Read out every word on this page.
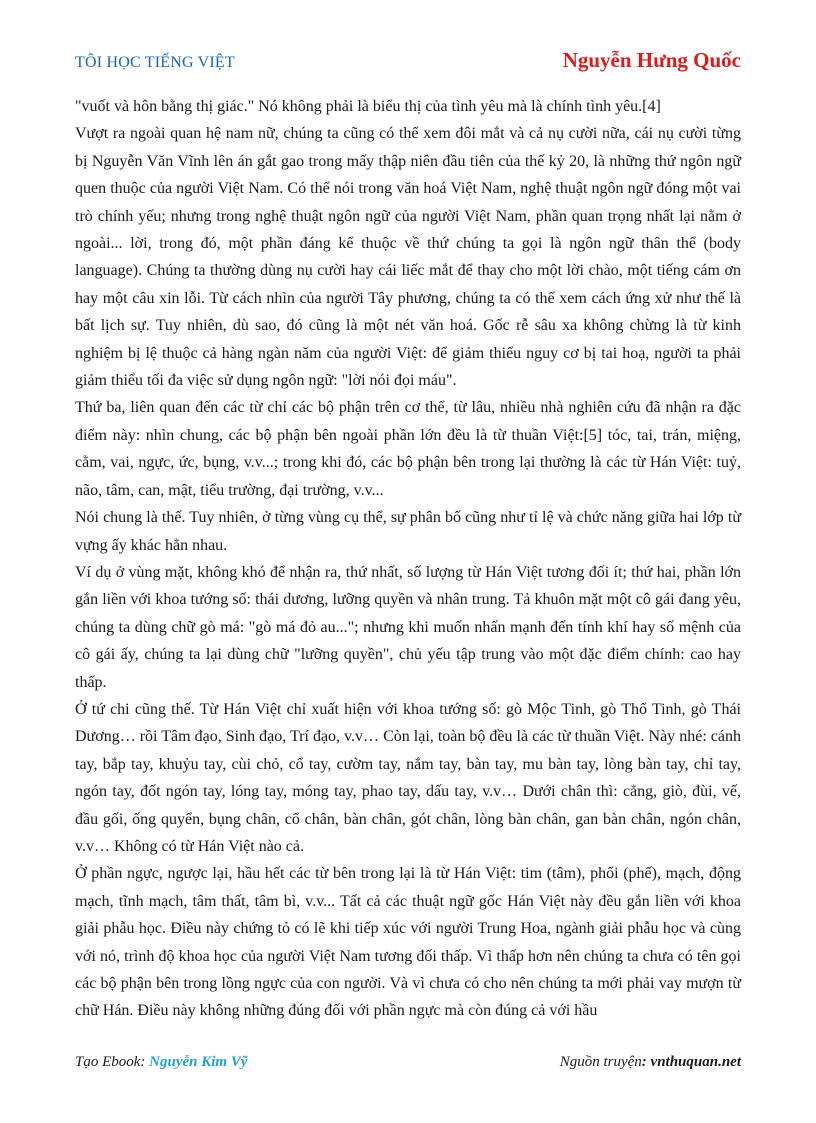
TÔI HỌC TIẾNG VIỆT	Nguyễn Hưng Quốc

"vuốt và hôn bằng thị giác." Nó không phải là biểu thị của tình yêu mà là chính tình yêu.[4]

Vượt ra ngoài quan hệ nam nữ, chúng ta cũng có thể xem đôi mắt và cả nụ cười nữa, cái nụ cười từng bị Nguyễn Văn Vĩnh lên án gắt gao trong mấy thập niên đầu tiên của thế kỷ 20, là những thứ ngôn ngữ quen thuộc của người Việt Nam. Có thể nói trong văn hoá Việt Nam, nghệ thuật ngôn ngữ đóng một vai trò chính yếu; nhưng trong nghệ thuật ngôn ngữ của người Việt Nam, phần quan trọng nhất lại nằm ở ngoài... lời, trong đó, một phần đáng kể thuộc về thứ chúng ta gọi là ngôn ngữ thân thể (body language). Chúng ta thường dùng nụ cười hay cái liếc mắt để thay cho một lời chào, một tiếng cám ơn hay một câu xin lỗi. Từ cách nhìn của người Tây phương, chúng ta có thể xem cách ứng xử như thế là bất lịch sự. Tuy nhiên, dù sao, đó cũng là một nét văn hoá. Gốc rễ sâu xa không chừng là từ kinh nghiệm bị lệ thuộc cả hàng ngàn năm của người Việt: để giảm thiểu nguy cơ bị tai hoạ, người ta phải giảm thiểu tối đa việc sử dụng ngôn ngữ: "lời nói đọi máu".

Thứ ba, liên quan đến các từ chỉ các bộ phận trên cơ thể, từ lâu, nhiều nhà nghiên cứu đã nhận ra đặc điểm này: nhìn chung, các bộ phận bên ngoài phần lớn đều là từ thuần Việt:[5] tóc, tai, trán, miệng, cằm, vai, ngực, ức, bụng, v.v...; trong khi đó, các bộ phận bên trong lại thường là các từ Hán Việt: tuỷ, não, tâm, can, mật, tiểu trường, đại trường, v.v...

Nói chung là thế. Tuy nhiên, ở từng vùng cụ thể, sự phân bố cũng như tỉ lệ và chức năng giữa hai lớp từ vựng ấy khác hẳn nhau.

Ví dụ ở vùng mặt, không khó để nhận ra, thứ nhất, số lượng từ Hán Việt tương đối ít; thứ hai, phần lớn gắn liền với khoa tướng số: thái dương, lưỡng quyền và nhân trung. Tả khuôn mặt một cô gái đang yêu, chúng ta dùng chữ gò má: "gò má đỏ au..."; nhưng khi muốn nhấn mạnh đến tính khí hay số mệnh của cô gái ấy, chúng ta lại dùng chữ "lưỡng quyền", chủ yếu tập trung vào một đặc điểm chính: cao hay thấp.

Ở tứ chi cũng thế. Từ Hán Việt chỉ xuất hiện với khoa tướng số: gò Mộc Tinh, gò Thổ Tinh, gò Thái Dương… rồi Tâm đạo, Sinh đạo, Trí đạo, v.v… Còn lại, toàn bộ đều là các từ thuần Việt. Này nhé: cánh tay, bắp tay, khuỷu tay, cùi chỏ, cổ tay, cườm tay, nắm tay, bàn tay, mu bàn tay, lòng bàn tay, chỉ tay, ngón tay, đốt ngón tay, lóng tay, móng tay, phao tay, dấu tay, v.v… Dưới chân thì: cẳng, giò, đùi, vế, đầu gối, ống quyển, bụng chân, cổ chân, bàn chân, gót chân, lòng bàn chân, gan bàn chân, ngón chân, v.v… Không có từ Hán Việt nào cả.

Ở phần ngực, ngược lại, hầu hết các từ bên trong lại là từ Hán Việt: tim (tâm), phổi (phế), mạch, động mạch, tĩnh mạch, tâm thất, tâm bì, v.v... Tất cả các thuật ngữ gốc Hán Việt này đều gắn liền với khoa giải phẫu học. Điều này chứng tỏ có lẽ khi tiếp xúc với người Trung Hoa, ngành giải phẫu học và cùng với nó, trình độ khoa học của người Việt Nam tương đối thấp. Vì thấp hơn nên chúng ta chưa có tên gọi các bộ phận bên trong lồng ngực của con người. Và vì chưa có cho nên chúng ta mới phải vay mượn từ chữ Hán. Điều này không những đúng đối với phần ngực mà còn đúng cả với hầu

Tạo Ebook: Nguyễn Kim Vỹ	Nguồn truyện: vnthuquan.net
